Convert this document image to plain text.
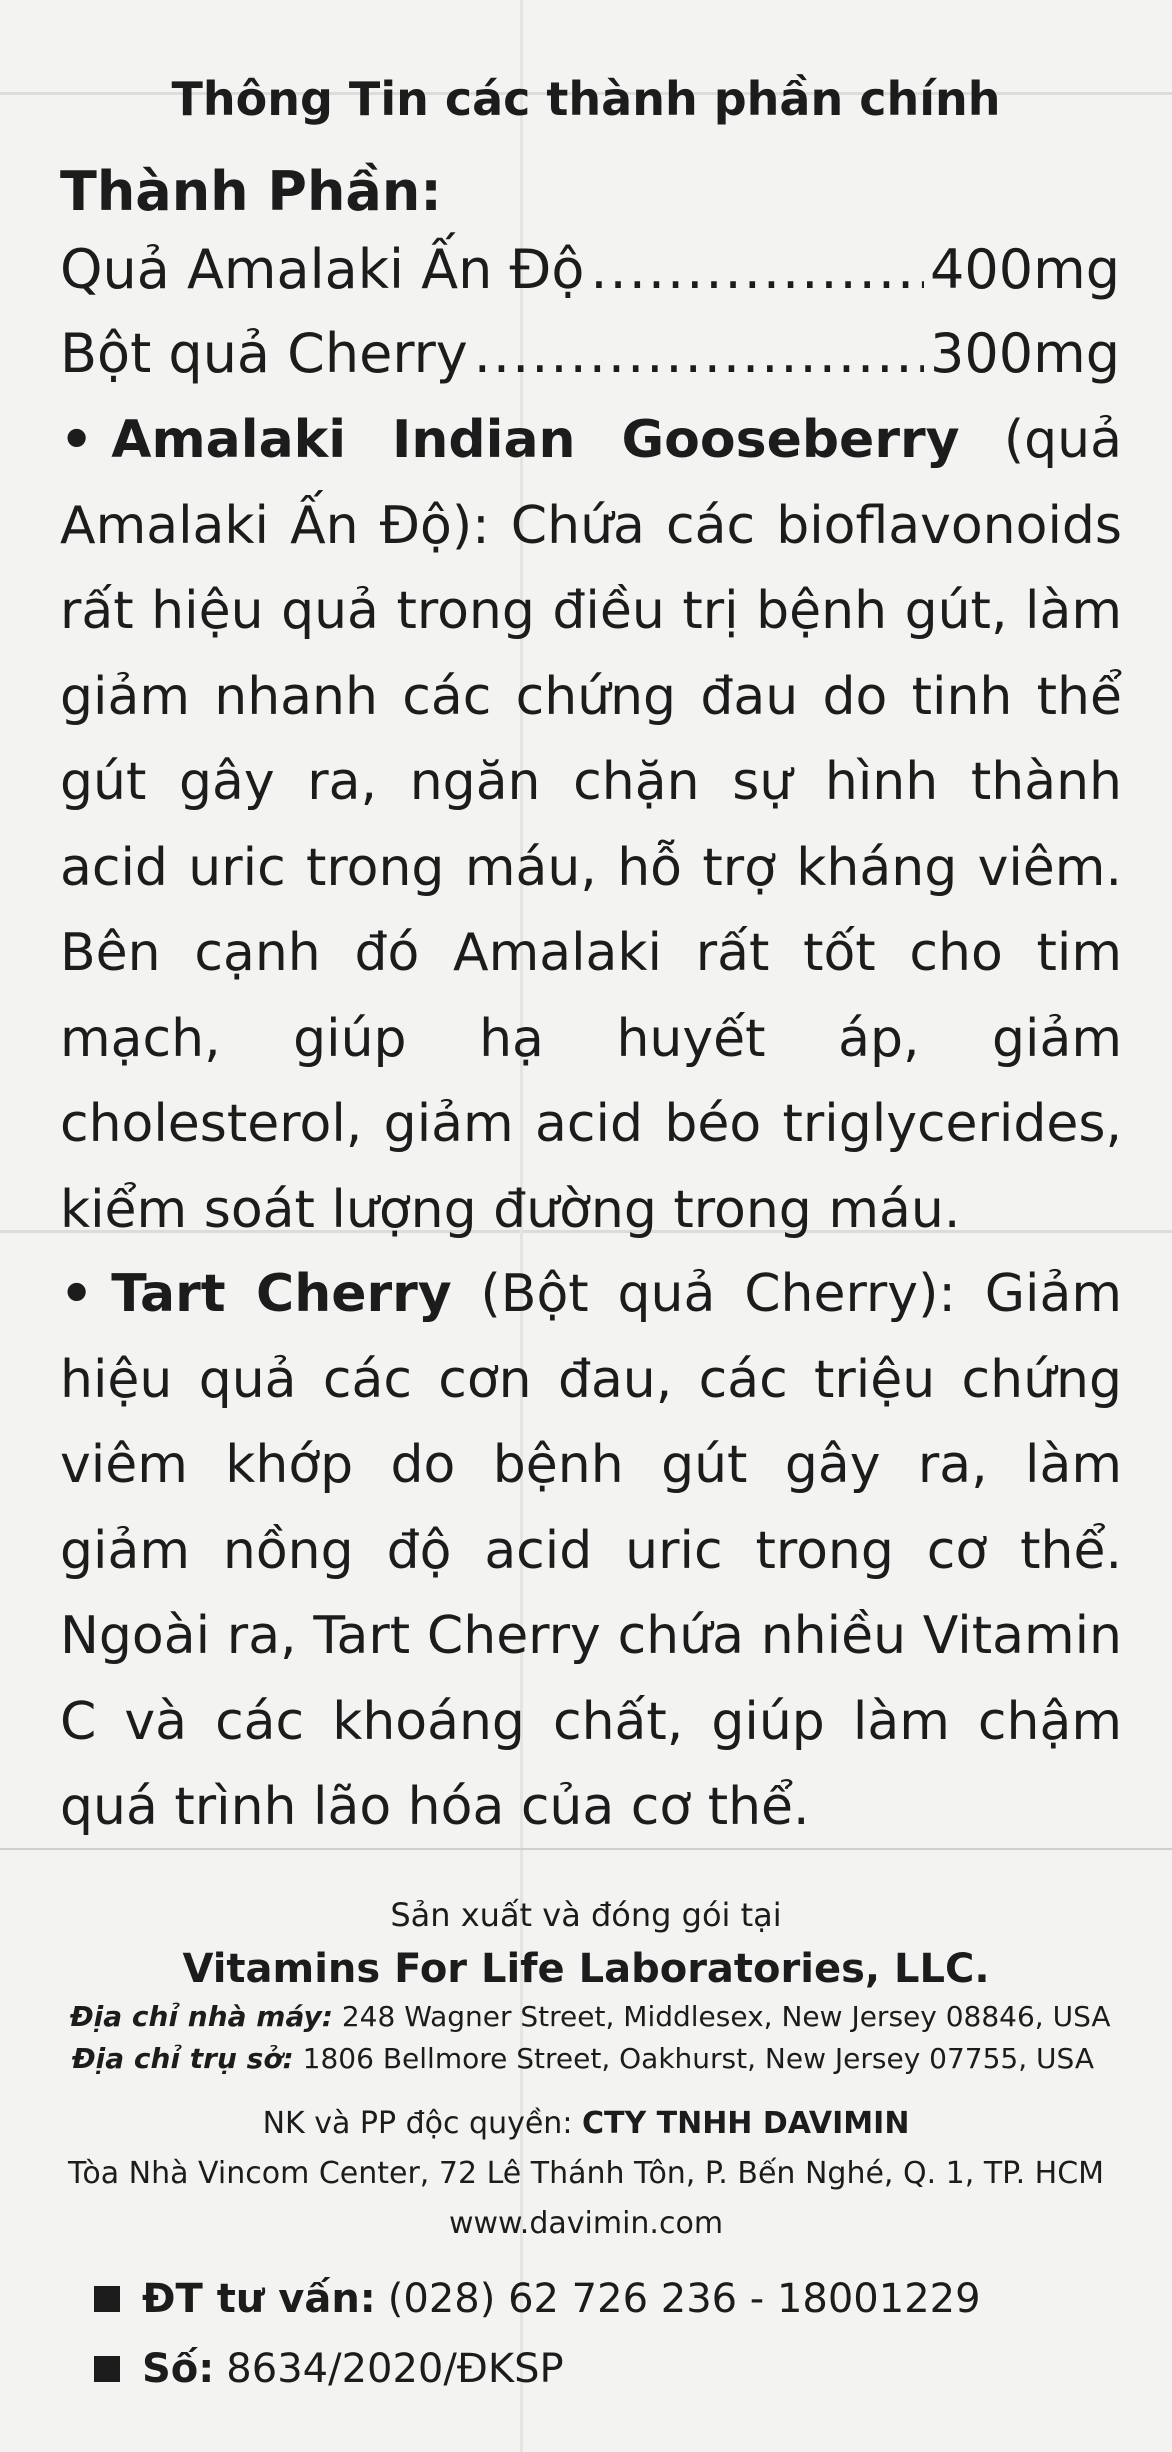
Thông Tin các thành phần chính
Thành Phần:
Quả Amalaki Ấn Độ .....	400mg
Bột quả Cherry .....	300mg

• Amalaki Indian Gooseberry (quả Amalaki Ấn Độ): Chứa các bioflavonoids rất hiệu quả trong điều trị bệnh gút, làm giảm nhanh các chứng đau do tinh thể gút gây ra, ngăn chặn sự hình thành acid uric trong máu, hỗ trợ kháng viêm. Bên cạnh đó Amalaki rất tốt cho tim mạch, giúp hạ huyết áp, giảm cholesterol, giảm acid béo triglycerides, kiểm soát lượng đường trong máu.

• Tart Cherry (Bột quả Cherry): Giảm hiệu quả các cơn đau, các triệu chứng viêm khớp do bệnh gút gây ra, làm giảm nồng độ acid uric trong cơ thể. Ngoài ra, Tart Cherry chứa nhiều Vitamin C và các khoáng chất, giúp làm chậm quá trình lão hóa của cơ thể.

Sản xuất và đóng gói tại
Vitamins For Life Laboratories, LLC.
Địa chỉ nhà máy: 248 Wagner Street, Middlesex, New Jersey 08846, USA
Địa chỉ trụ sở: 1806 Bellmore Street, Oakhurst, New Jersey 07755, USA
NK và PP độc quyền: CTY TNHH DAVIMIN
Tòa Nhà Vincom Center, 72 Lê Thánh Tôn, P. Bến Nghé, Q. 1, TP. HCM
www.davimin.com
ĐT tư vấn: (028) 62 726 236 - 18001229
Số: 8634/2020/ĐKSP
